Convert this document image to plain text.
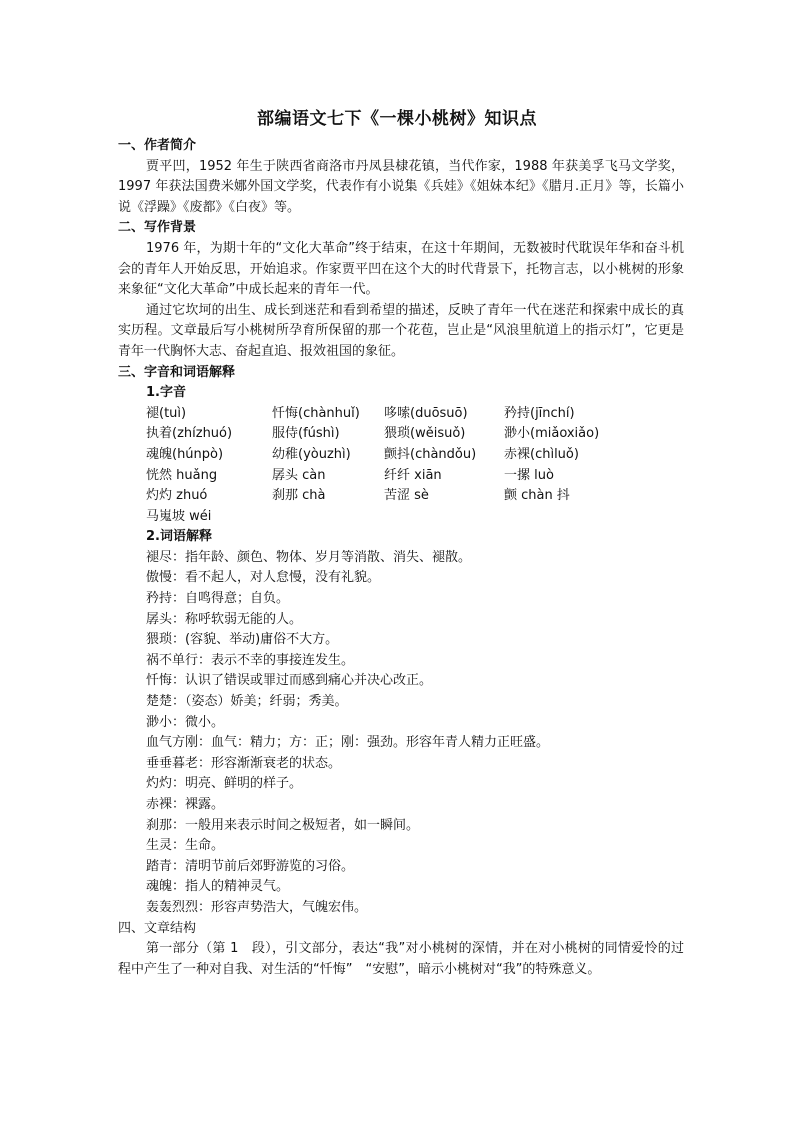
部编语文七下《一棵小桃树》知识点

一、作者简介

贾平凹，1952 年生于陕西省商洛市丹凤县棣花镇，当代作家，1988 年获美孚飞马文学奖，1997 年获法国费米娜外国文学奖，代表作有小说集《兵娃》《姐妹本纪》《腊月.正月》等，长篇小说《浮躁》《废都》《白夜》等。

二、写作背景

1976 年，为期十年的“文化大革命”终于结束，在这十年期间，无数被时代耽误年华和奋斗机会的青年人开始反思，开始追求。作家贾平凹在这个大的时代背景下，托物言志，以小桃树的形象来象征“文化大革命”中成长起来的青年一代。

通过它坎坷的出生、成长到迷茫和看到希望的描述，反映了青年一代在迷茫和探索中成长的真实历程。文章最后写小桃树所孕育所保留的那一个花苞，岂止是“风浪里航道上的指示灯”，它更是青年一代胸怀大志、奋起直追、报效祖国的象征。

三、字音和词语解释

1.字音

褪(tuì)	忏悔(chànhuǐ)	哆嗦(duōsuō)	矜持(jīnchí)
执着(zhízhuó)	服侍(fúshì)	猥琐(wěisuǒ)	渺小(miǎoxiǎo)
魂魄(húnpò)	幼稚(yòuzhì)	颤抖(chàndǒu)	赤裸(chìluǒ)
恍然 huǎng	孱头 càn	纤纤 xiān	一摞 luò
灼灼 zhuó	刹那 chà	苦涩 sè	颤 chàn 抖
马嵬坡 wéi

2.词语解释

褪尽：指年龄、颜色、物体、岁月等消散、消失、褪散。

傲慢：看不起人，对人怠慢，没有礼貌。

矜持：自鸣得意；自负。

孱头：称呼软弱无能的人。

猥琐：(容貌、举动)庸俗不大方。

祸不单行：表示不幸的事接连发生。

忏悔：认识了错误或罪过而感到痛心并决心改正。

楚楚：（姿态）娇美；纤弱；秀美。

渺小：微小。

血气方刚：血气：精力；方：正；刚：强劲。形容年青人精力正旺盛。

垂垂暮老：形容渐渐衰老的状态。

灼灼：明亮、鲜明的样子。

赤裸：裸露。

刹那：一般用来表示时间之极短者，如一瞬间。

生灵：生命。

踏青：清明节前后郊野游览的习俗。

魂魄：指人的精神灵气。

轰轰烈烈：形容声势浩大，气魄宏伟。

四、文章结构

第一部分（第 1　段），引文部分，表达“我”对小桃树的深情，并在对小桃树的同情爱怜的过程中产生了一种对自我、对生活的“忏悔”　“安慰”，暗示小桃树对“我”的特殊意义。
